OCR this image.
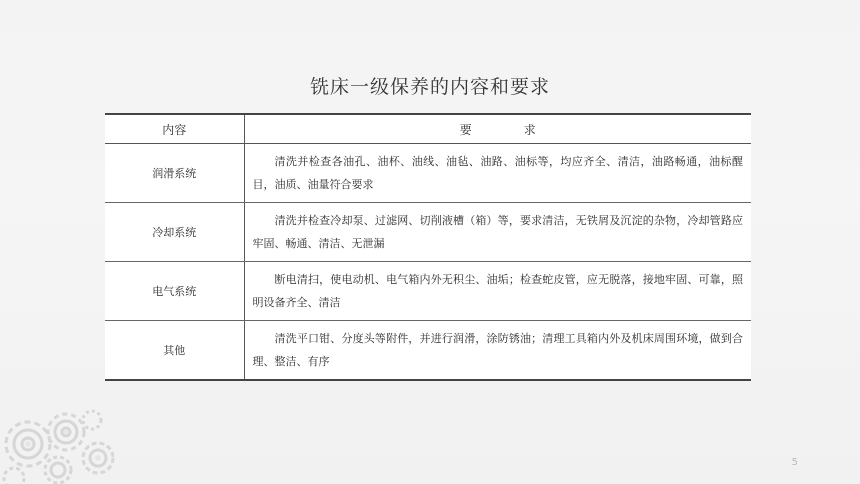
铣床一级保养的内容和要求
内容	要　求
润滑系统	清洗并检查各油孔、油杯、油线、油毡、油路、油标等，均应齐全、清洁，油路畅通，油标醒目，油质、油量符合要求
冷却系统	清洗并检查冷却泵、过滤网、切削液槽（箱）等，要求清洁，无铁屑及沉淀的杂物，冷却管路应牢固、畅通、清洁、无泄漏
电气系统	断电清扫，使电动机、电气箱内外无积尘、油垢；检查蛇皮管，应无脱落，接地牢固、可靠，照明设备齐全、清洁
其他	清洗平口钳、分度头等附件，并进行润滑，涂防锈油；清理工具箱内外及机床周围环境，做到合理、整洁、有序
5
